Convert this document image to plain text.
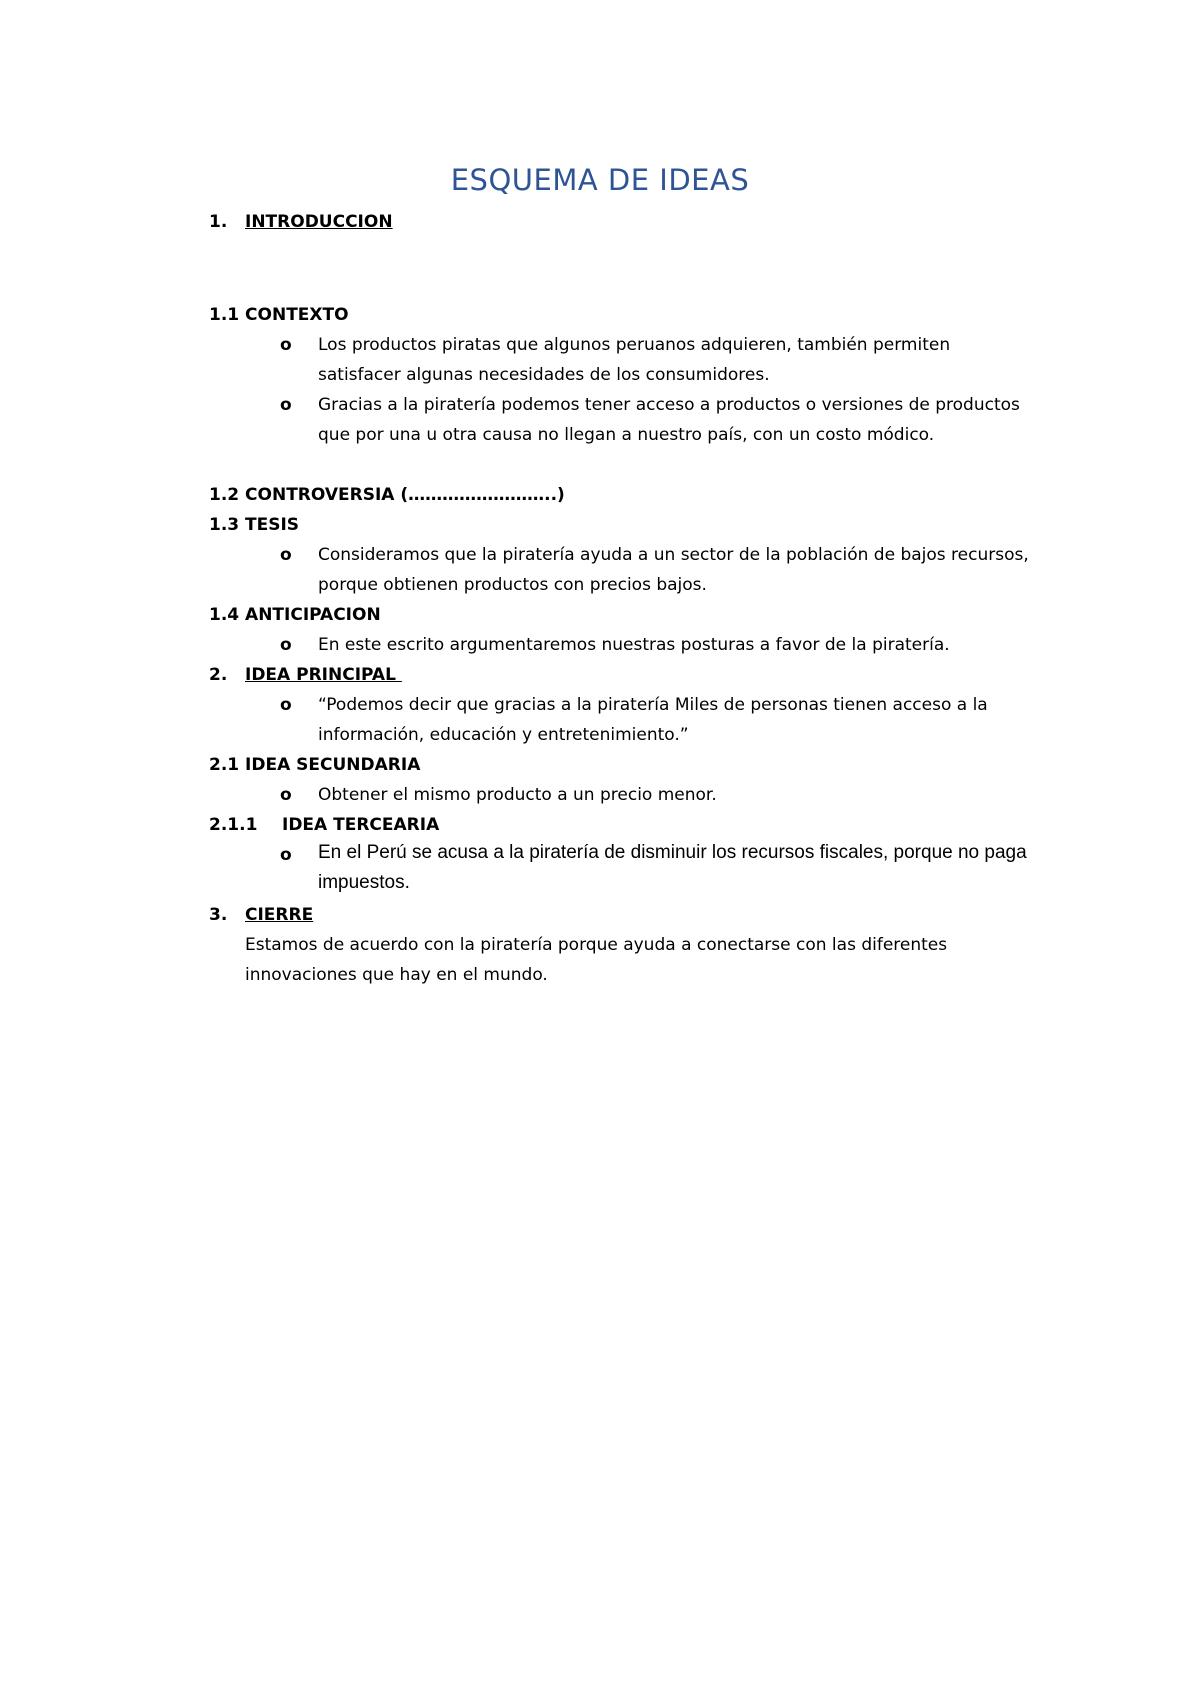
ESQUEMA DE IDEAS
1. INTRODUCCION
1.1 CONTEXTO
o Los productos piratas que algunos peruanos adquieren, también permiten satisfacer algunas necesidades de los consumidores.
o Gracias a la piratería podemos tener acceso a productos o versiones de productos que por una u otra causa no llegan a nuestro país, con un costo módico.
1.2 CONTROVERSIA (……………………..)
1.3 TESIS
o Consideramos que la piratería ayuda a un sector de la población de bajos recursos, porque obtienen productos con precios bajos.
1.4 ANTICIPACION
o En este escrito argumentaremos nuestras posturas a favor de la piratería.
2. IDEA PRINCIPAL
o “Podemos decir que gracias a la piratería Miles de personas tienen acceso a la información, educación y entretenimiento.”
2.1 IDEA SECUNDARIA
o Obtener el mismo producto a un precio menor.
2.1.1 IDEA TERCEARIA
o En el Perú se acusa a la piratería de disminuir los recursos fiscales, porque no paga impuestos.
3. CIERRE
Estamos de acuerdo con la piratería porque ayuda a conectarse con las diferentes innovaciones que hay en el mundo.
